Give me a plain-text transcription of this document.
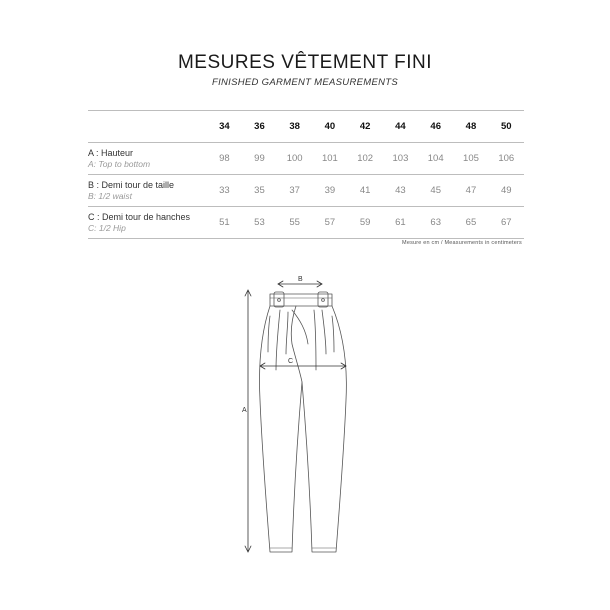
MESURES VÊTEMENT FINI
FINISHED GARMENT MEASUREMENTS
	34	36	38	40	42	44	46	48	50

A : Hauteur
A: Top to bottom	98	99	100	101	102	103	104	105	106

B : Demi tour de taille
B: 1/2 waist	33	35	37	39	41	43	45	47	49

C : Demi tour de hanches
C: 1/2 Hip	51	53	55	57	59	61	63	65	67
Mesure en cm / Measurements in centimeters
A
B
C
